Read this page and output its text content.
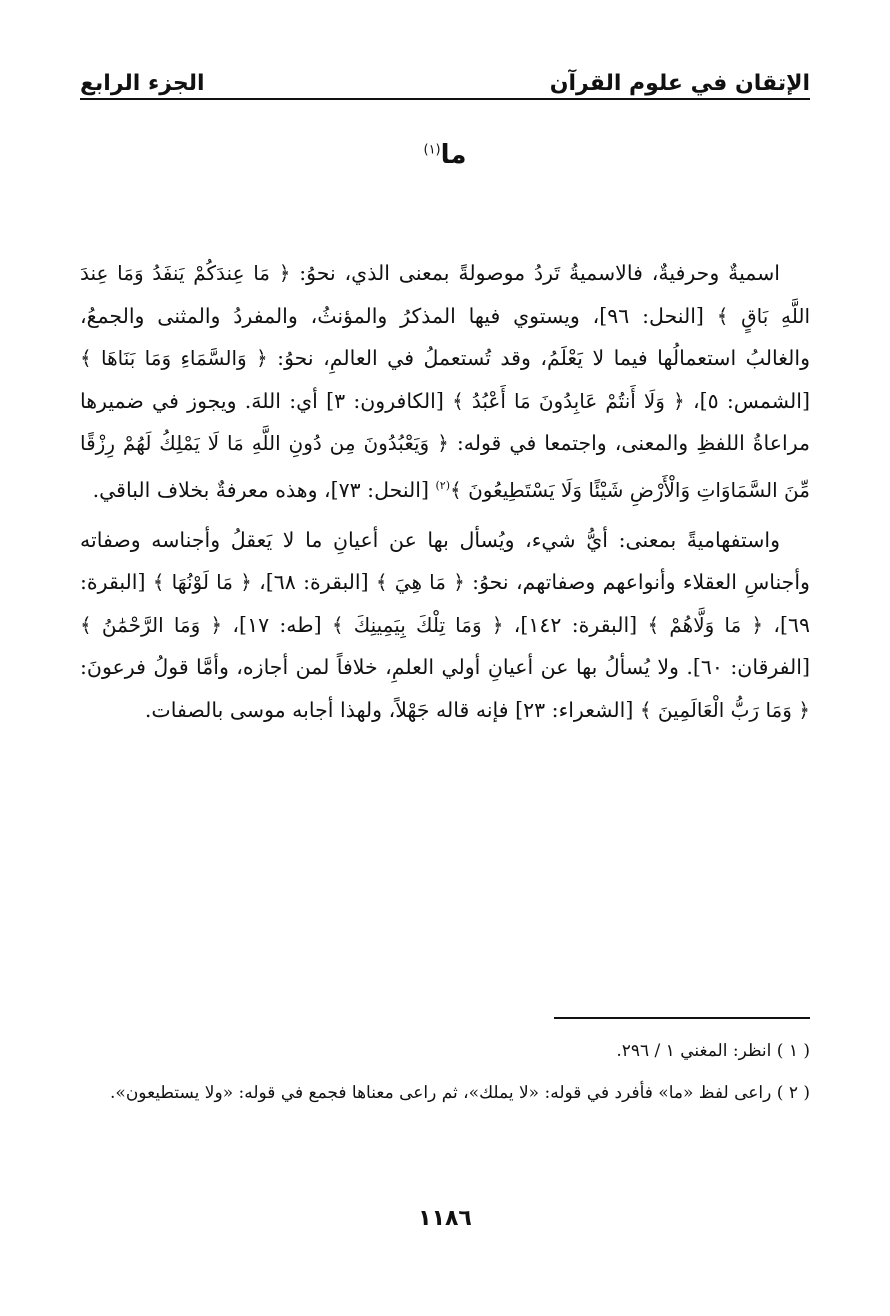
الإتقان في علوم القرآن
الجزء الرابع
ما$^{(١)}$

اسميةٌ وحرفيةٌ، فالاسميةُ تَردُ موصولةً بمعنى الذي، نحوُ: ﴿ مَا عِندَكُمْ يَنفَدُ وَمَا عِندَ اللَّهِ بَاقٍ ﴾ [النحل: ٩٦]، ويستوي فيها المذكرُ والمؤنثُ، والمفردُ والمثنى والجمعُ، والغالبُ استعمالُها فيما لا يَعْلَمُ، وقد تُستعملُ في العالمِ، نحوُ: ﴿ وَالسَّمَاءِ وَمَا بَنَاهَا ﴾ [الشمس: ٥]، ﴿ وَلَا أَنتُمْ عَابِدُونَ مَا أَعْبُدُ ﴾ [الكافرون: ٣] أي: اللهَ. ويجوز في ضميرها مراعاةُ اللفظِ والمعنى، واجتمعا في قوله: ﴿ وَيَعْبُدُونَ مِن دُونِ اللَّهِ مَا لَا يَمْلِكُ لَهُمْ رِزْقًا مِّنَ السَّمَاوَاتِ وَالْأَرْضِ شَيْئًا وَلَا يَسْتَطِيعُونَ ﴾$^{(٢)}$ [النحل: ٧٣]، وهذه معرفةٌ بخلاف الباقي.

واستفهاميةً بمعنى: أيُّ شيء، ويُسأل بها عن أعيانِ ما لا يَعقلُ وأجناسه وصفاته وأجناسِ العقلاء وأنواعهم وصفاتهم، نحوُ: ﴿ مَا هِيَ ﴾ [البقرة: ٦٨]، ﴿ مَا لَوْنُهَا ﴾ [البقرة: ٦٩]، ﴿ مَا وَلَّاهُمْ ﴾ [البقرة: ١٤٢]، ﴿ وَمَا تِلْكَ بِيَمِينِكَ ﴾ [طه: ١٧]، ﴿ وَمَا الرَّحْمَٰنُ ﴾ [الفرقان: ٦٠]. ولا يُسألُ بها عن أعيانِ أولي العلمِ، خلافاً لمن أجازه، وأمَّا قولُ فرعونَ: ﴿ وَمَا رَبُّ الْعَالَمِينَ ﴾ [الشعراء: ٢٣] فإنه قاله جَهْلاً، ولهذا أجابه موسى بالصفات.

( ١ ) انظر: المغني ١ / ٢٩٦.

( ٢ ) راعى لفظ «ما» فأفرد في قوله: «لا يملك»، ثم راعى معناها فجمع في قوله: «ولا يستطيعون».

١١٨٦
